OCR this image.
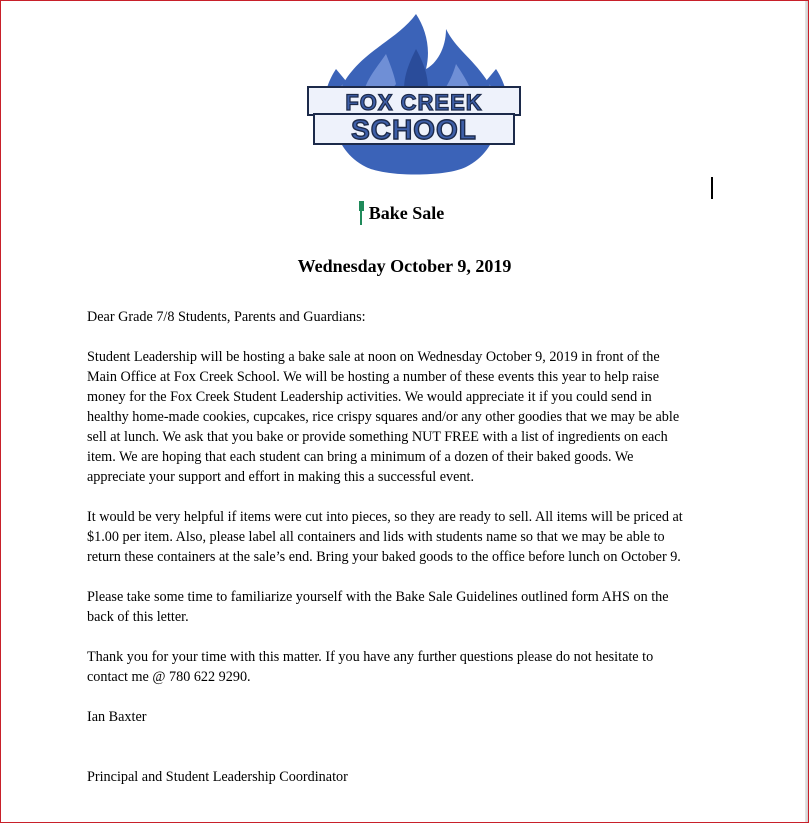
FOX CREEK
SCHOOL
Bake Sale
Wednesday October 9, 2019

Dear Grade 7/8 Students, Parents and Guardians:

Student Leadership will be hosting a bake sale at noon on Wednesday October 9, 2019 in front of the

Main Office at Fox Creek School. We will be hosting a number of these events this year to help raise

money for the Fox Creek Student Leadership activities. We would appreciate it if you could send in

healthy home-made cookies, cupcakes, rice crispy squares and/or any other goodies that we may be able

sell at lunch. We ask that you bake or provide something NUT FREE with a list of ingredients on each

item. We are hoping that each student can bring a minimum of a dozen of their baked goods. We

appreciate your support and effort in making this a successful event.

It would be very helpful if items were cut into pieces, so they are ready to sell. All items will be priced at

$1.00 per item. Also, please label all containers and lids with students name so that we may be able to

return these containers at the sale’s end. Bring your baked goods to the office before lunch on October 9.

Please take some time to familiarize yourself with the Bake Sale Guidelines outlined form AHS on the

back of this letter.

Thank you for your time with this matter. If you have any further questions please do not hesitate to

contact me @ 780 622 9290.

Ian Baxter
Principal and Student Leadership Coordinator
